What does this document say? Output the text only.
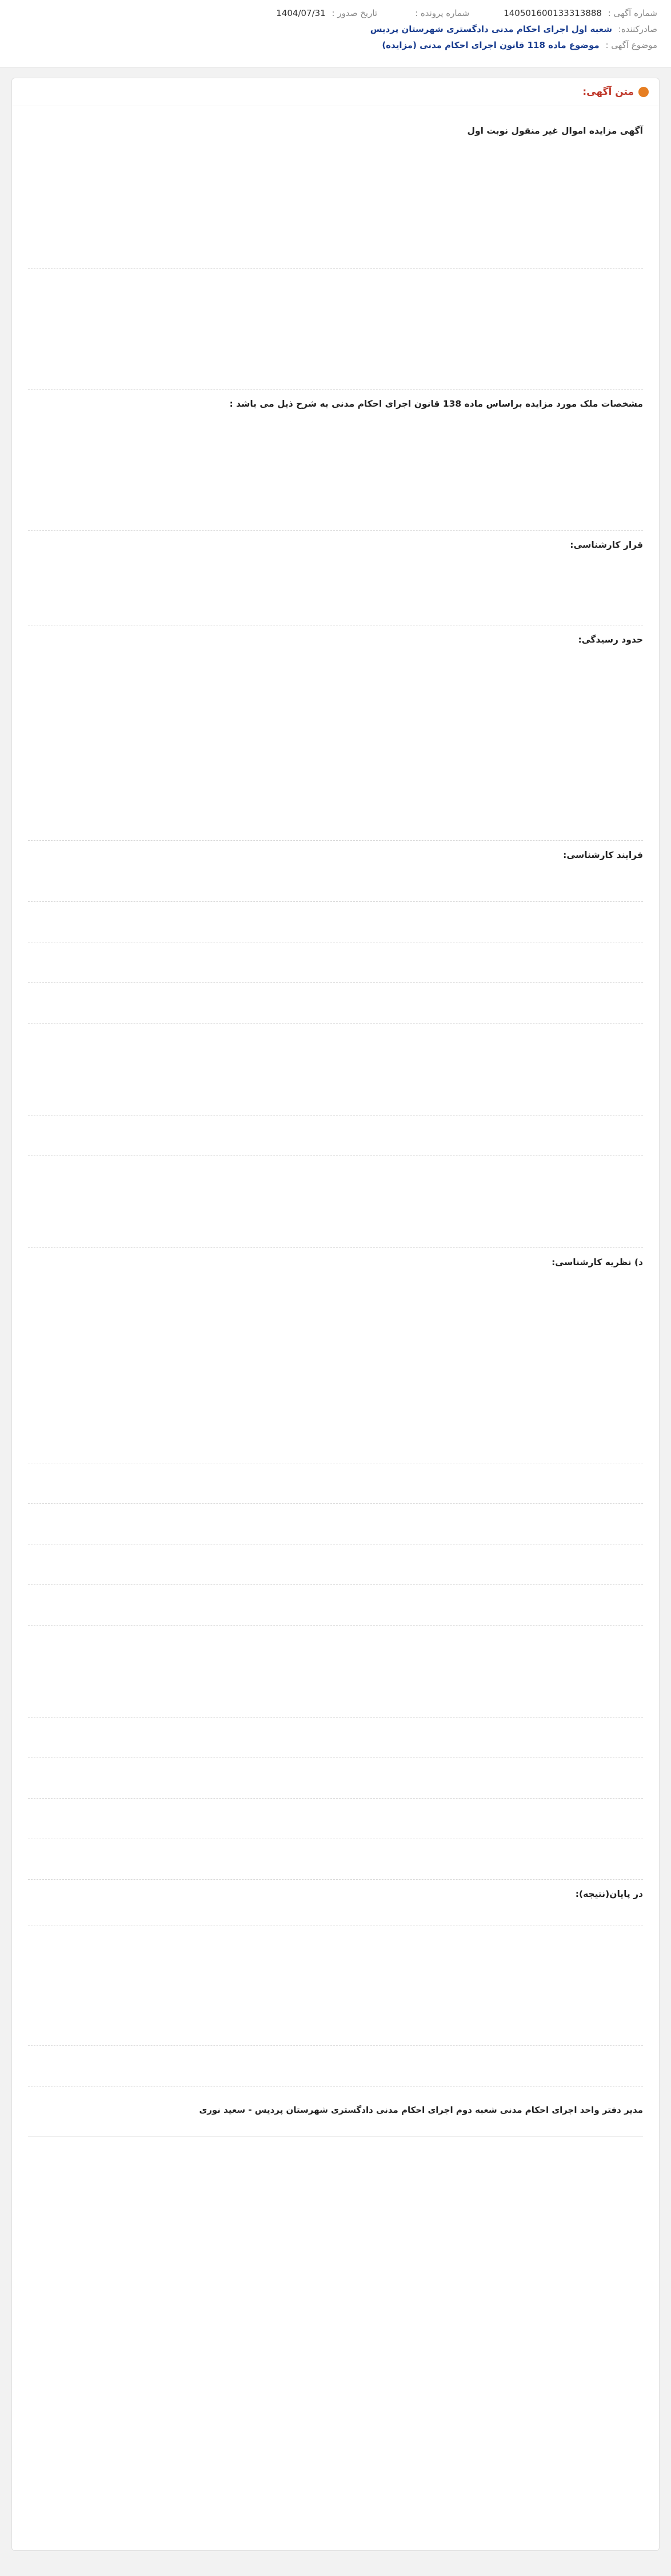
شماره آگهی : 140501600133313888
شماره پرونده :
تاریخ صدور : 1404/07/31
صادرکننده: شعبه اول اجرای احکام مدنی دادگستری شهرستان پردیس
موضوع آگهی : موضوع ماده 118 قانون اجرای احکام مدنی (مزایده)
متن آگهی:
آگهی مزایده اموال غیر منقول نوبت اول
مشخصات ملک مورد مزایده براساس ماده 138 قانون اجرای احکام مدنی به شرح ذیل می باشد :
قرار کارشناسی:
حدود رسیدگی:
فرایند کارشناسی:
د) نظریه کارشناسی:
در پایان(نتیجه):
مدیر دفتر واحد اجرای احکام مدنی شعبه دوم اجرای احکام مدنی دادگستری شهرستان پردیس - سعید نوری
